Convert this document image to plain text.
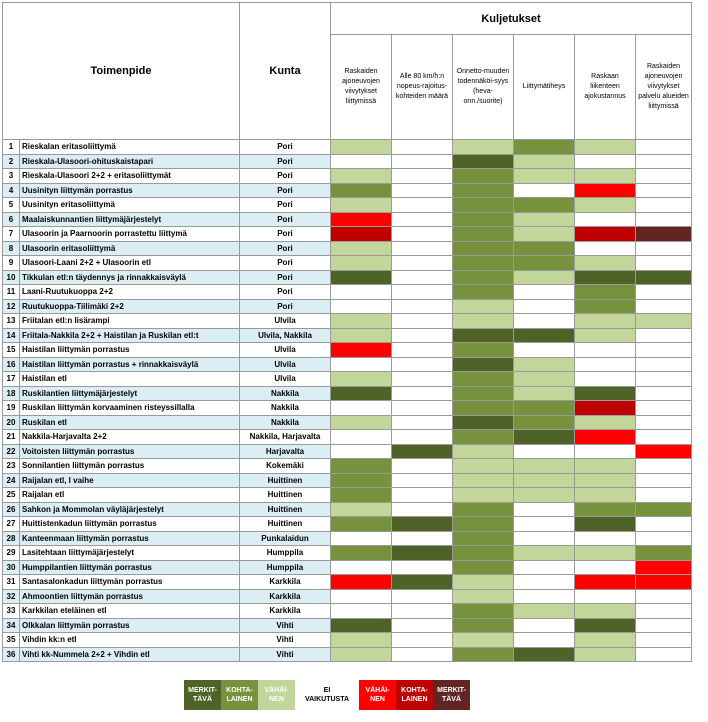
Toimenpide		Kunta	Kuljetukset					
			Raskaiden ajoneuvojen viivytykset liittymissä	Alle 80 km/h:n nopeus-rajoitus-kohteiden määrä	Onnetto-muuden todennäköi-syys (heva-onn./suorite)	Liittymätiheys	Raskaan liikenteen ajokustannus	Raskaiden ajoneuvojen viivytykset palvelu alueiden liittymissä
1	Rieskalan eritasoliittymä	Pori						
2	Rieskala-Ulasoori-ohituskaistapari	Pori						
3	Rieskala-Ulasoori 2+2 + eritasoliittymät	Pori						
4	Uusinityn liittymän porrastus	Pori						
5	Uusinityn eritasoliittymä	Pori						
6	Maalaiskunnantien liittymäjärjestelyt	Pori						
7	Ulasoorin ja Paarnoorin porrastettu liittymä	Pori						
8	Ulasoorin eritasoliittymä	Pori						
9	Ulasoori-Laani 2+2 + Ulasoorin etl	Pori						
10	Tikkulan etl:n täydennys ja rinnakkaisväylä	Pori						
11	Laani-Ruutukuoppa 2+2	Pori						
12	Ruutukuoppa-Tiilimäki 2+2	Pori						
13	Friitalan etl:n lisärampi	Ulvila						
14	Friitala-Nakkila 2+2 + Haistilan ja Ruskilan etl:t	Ulvila, Nakkila						
15	Haistilan liittymän porrastus	Ulvila						
16	Haistilan liittymän porrastus + rinnakkaisväylä	Ulvila						
17	Haistilan etl	Ulvila						
18	Ruskilantien liittymäjärjestelyt	Nakkila						
19	Ruskilan liittymän korvaaminen risteyssillalla	Nakkila						
20	Ruskilan etl	Nakkila						
21	Nakkila-Harjavalta 2+2	Nakkila, Harjavalta						
22	Voitoisten liittymän porrastus	Harjavalta						
23	Sonnilantien liittymän porrastus	Kokemäki						
24	Raijalan etl, I vaihe	Huittinen						
25	Raijalan etl	Huittinen						
26	Sahkon ja Mommolan väyläjärjestelyt	Huittinen						
27	Huittistenkadun liittymän porrastus	Huittinen						
28	Kanteenmaan liittymän porrastus	Punkalaidun						
29	Lasitehtaan liittymäjärjestelyt	Humppila						
30	Humppilantien liittymän porrastus	Humppila						
31	Santasalonkadun liittymän porrastus	Karkkila						
32	Ahmoontien liittymän porrastus	Karkkila						
33	Karkkilan eteläinen etl	Karkkila						
34	Olkkalan liittymän porrastus	Vihti						
35	Vihdin kk:n etl	Vihti						
36	Vihti kk-Nummela 2+2 + Vihdin etl	Vihti						
MERKIT-
TÄVÄ
KOHTA-
LAINEN
VÄHÄI-
NEN
EI
VAIKUTUSTA
VÄHÄI-
NEN
KOHTA-
LAINEN
MERKIT-
TÄVÄ
